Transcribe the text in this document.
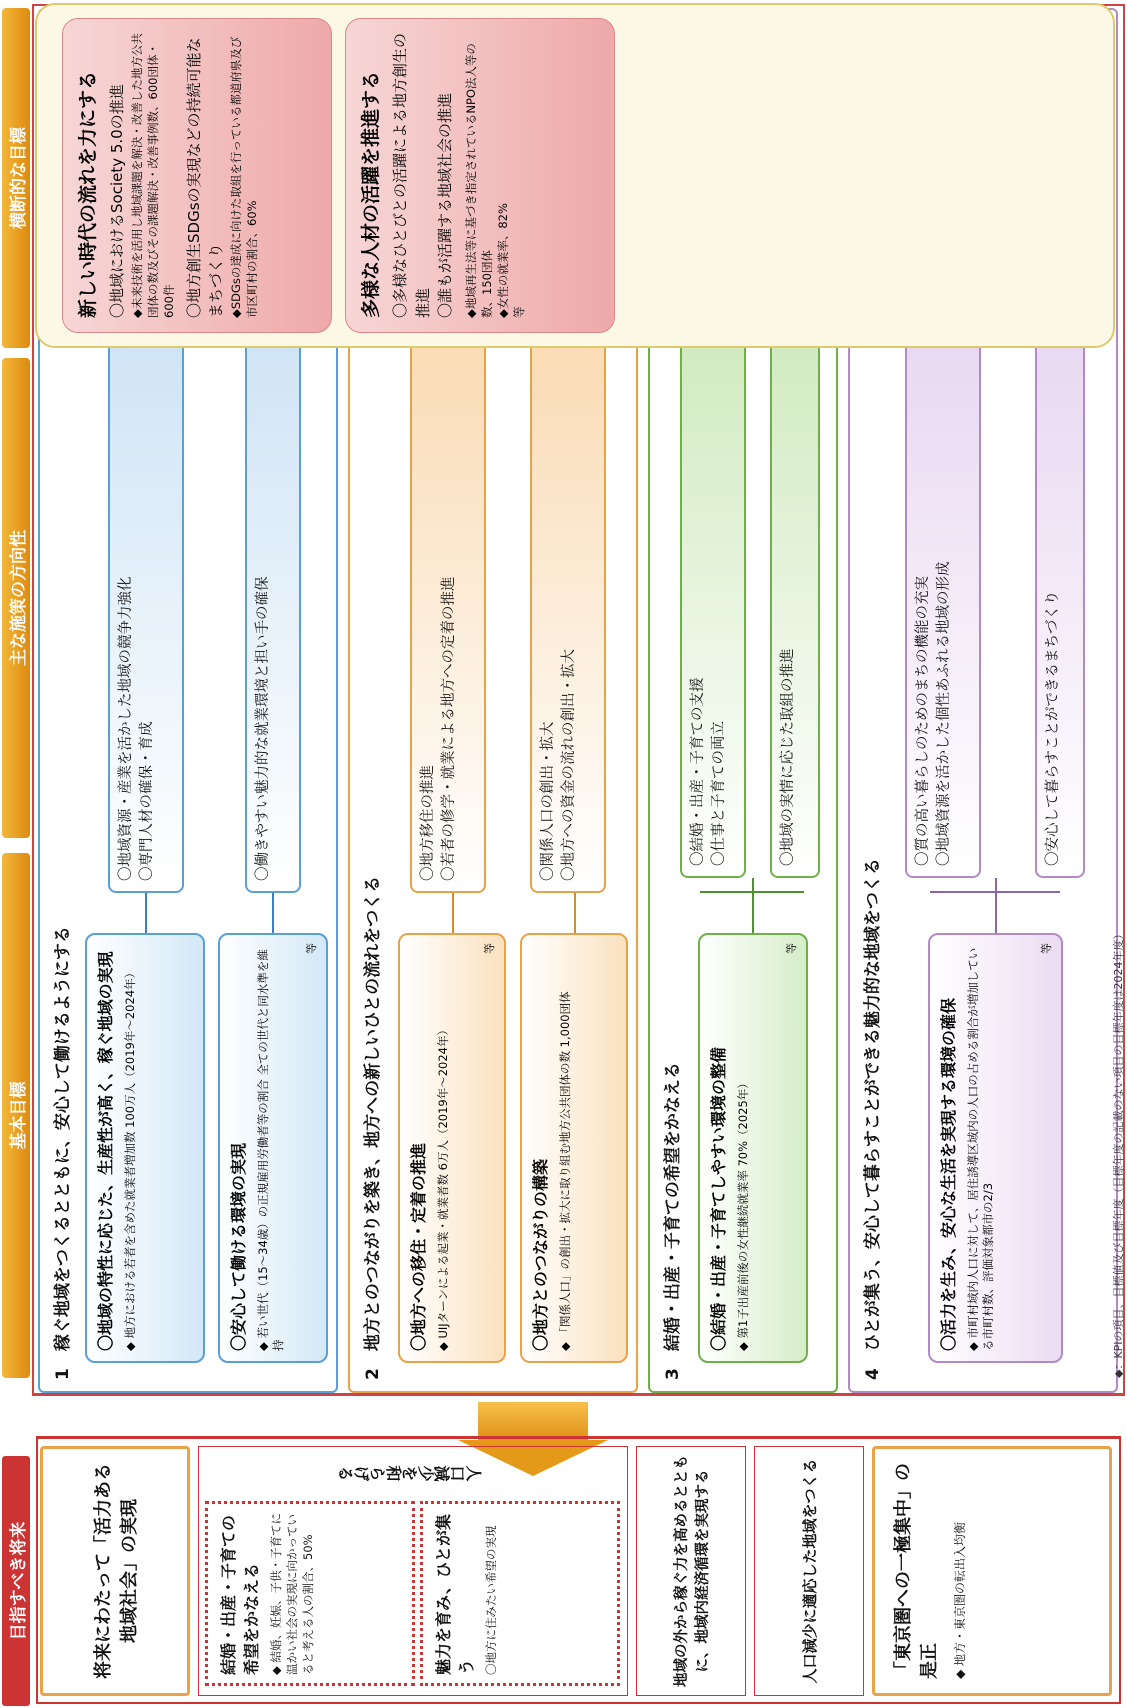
横断的な目標
主な施策の方向性
基本目標
目指すべき将来
1　稼ぐ地域をつくるとともに、安心して働けるようにする
2　地方とのつながりを築き、地方への新しいひとの流れをつくる
3　結婚・出産・子育ての希望をかなえる
4　ひとが集う、安心して暮らすことができる魅力的な地域をつくる
〇地域の特性に応じた、生産性が高く、稼ぐ地域の実現 ◆ 地方における若者を含めた就業者増加数 100万人（2019年～2024年）	〇安心して働ける環境の実現 ◆ 若い世代（15～34歳）の正規雇用労働者等の割合 全ての世代と同水準を維持
等
〇地方への移住・定着の推進 ◆ UIJターンによる起業・就業者数 6万人（2019年～2024年）
等
〇地方とのつながりの構築 ◆ 「関係人口」の創出・拡大に取り組む地方公共団体の数 1,000団体	〇結婚・出産・子育てしやすい環境の整備 ◆ 第1子出産前後の女性継続就業率 70%（2025年）
等
〇活力を生み、安心な生活を実現する環境の確保 ◆ 市町村域内人口に対して、居住誘導区域内の人口の占める割合が増加している市町村数、評価対象都市の2/3
等
〇地域資源・産業を活かした地域の競争力強化 〇専門人材の確保・育成	〇働きやすい魅力的な就業環境と担い手の確保	〇地方移住の推進 〇若者の修学・就業による地方への定着の推進	〇関係人口の創出・拡大 〇地方への資金の流れの創出・拡大	〇結婚・出産・子育ての支援 〇仕事と子育ての両立	〇地域の実情に応じた取組の推進	〇質の高い暮らしのためのまちの機能の充実 〇地域資源を活かした個性あふれる地域の形成	〇安心して暮らすことができるまちづくり
新しい時代の流れを力にする 〇地域におけるSociety 5.0の推進 ◆未来技術を活用し地域課題を解決・改善した地方公共団体の数及びその課題解決・改善事例数、600団体・600件 〇地方創生SDGsの実現などの持続可能なまちづくり ◆SDGsの達成に向けた取組を行っている都道府県及び市区町村の割合、60%	多様な人材の活躍を推進する 〇多様なひとびとの活躍による地方創生の推進 〇誰もが活躍する地域社会の推進 ◆地域再生法等に基づき指定されているNPO法人等の数、150団体 ◆女性の就業率、82% 等
◆：KPIの項目、目標値及び目標年度（目標年度の記載のない項目の目標年度は2024年度）
将来にわたって「活力ある地域社会」の実現
人口減少を和らげる
結婚・出産・子育ての希望をかなえる ◆ 結婚、妊娠、子供・子育てに温かい社会の実現に向かっていると考える人の割合、50%	魅力を育み、ひとが集う 〇地方に住みたい希望の実現	地域の外から稼ぐ力を高めるとともに、地域内経済循環を実現する	人口減少に適応した地域をつくる	「東京圏への一極集中」の是正 ◆ 地方・東京圏の転出入均衡
